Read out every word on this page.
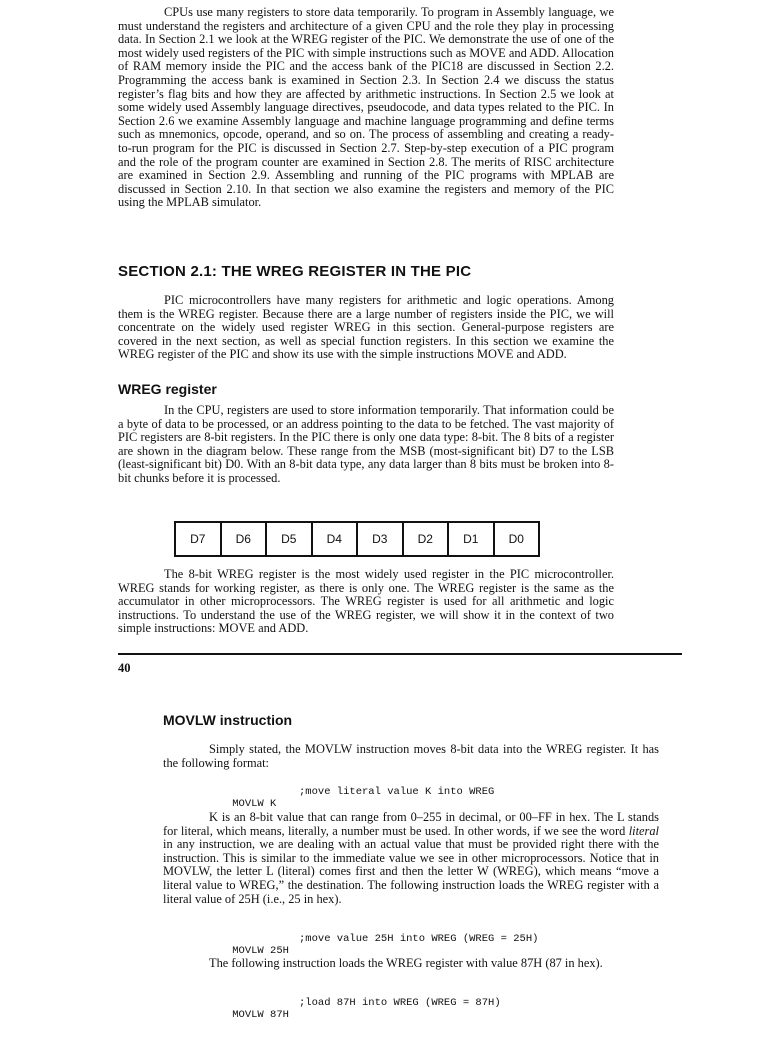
CPUs use many registers to store data temporarily. To program in Assembly language, we must understand the registers and architecture of a given CPU and the role they play in processing data. In Section 2.1 we look at the WREG register of the PIC. We demonstrate the use of one of the most widely used registers of the PIC with simple instructions such as MOVE and ADD. Allocation of RAM memory inside the PIC and the access bank of the PIC18 are discussed in Section 2.2. Programming the access bank is examined in Section 2.3. In Section 2.4 we discuss the status register’s flag bits and how they are affected by arithmetic instructions. In Section 2.5 we look at some widely used Assembly language directives, pseudocode, and data types related to the PIC. In Section 2.6 we examine Assembly language and machine language programming and define terms such as mnemonics, opcode, operand, and so on. The process of assembling and creating a ready-to-run program for the PIC is discussed in Section 2.7. Step-by-step execution of a PIC program and the role of the program counter are examined in Section 2.8. The merits of RISC architecture are examined in Section 2.9. Assembling and running of the PIC programs with MPLAB are discussed in Section 2.10. In that section we also examine the registers and memory of the PIC using the MPLAB simulator.

SECTION 2.1: THE WREG REGISTER IN THE PIC

PIC microcontrollers have many registers for arithmetic and logic operations. Among them is the WREG register. Because there are a large number of registers inside the PIC, we will concentrate on the widely used register WREG in this section. General-purpose registers are covered in the next section, as well as special function registers. In this section we examine the WREG register of the PIC and show its use with the simple instructions MOVE and ADD.

WREG register

In the CPU, registers are used to store information temporarily. That information could be a byte of data to be processed, or an address pointing to the data to be fetched. The vast majority of PIC registers are 8-bit registers. In the PIC there is only one data type: 8-bit. The 8 bits of a register are shown in the diagram below. These range from the MSB (most-significant bit) D7 to the LSB (least-significant bit) D0. With an 8-bit data type, any data larger than 8 bits must be broken into 8-bit chunks before it is processed.

D7	D6	D5	D4	D3	D2	D1	D0

The 8-bit WREG register is the most widely used register in the PIC microcontroller. WREG stands for working register, as there is only one. The WREG register is the same as the accumulator in other microprocessors. The WREG register is used for all arithmetic and logic instructions. To understand the use of the WREG register, we will show it in the context of two simple instructions: MOVE and ADD.

40

MOVLW instruction

Simply stated, the MOVLW instruction moves 8-bit data into the WREG register. It has the following format:

MOVLW K

;move literal value K into WREG

K is an 8-bit value that can range from 0–255 in decimal, or 00–FF in hex. The L stands for literal, which means, literally, a number must be used. In other words, if we see the word literal in any instruction, we are dealing with an actual value that must be provided right there with the instruction. This is similar to the immediate value we see in other microprocessors. Notice that in MOVLW, the letter L (literal) comes first and then the letter W (WREG), which means “move a literal value to WREG,” the destination. The following instruction loads the WREG register with a literal value of 25H (i.e., 25 in hex).

MOVLW 25H

;move value 25H into WREG (WREG = 25H)

The following instruction loads the WREG register with value 87H (87 in hex).

MOVLW 87H

;load 87H into WREG (WREG = 87H)
